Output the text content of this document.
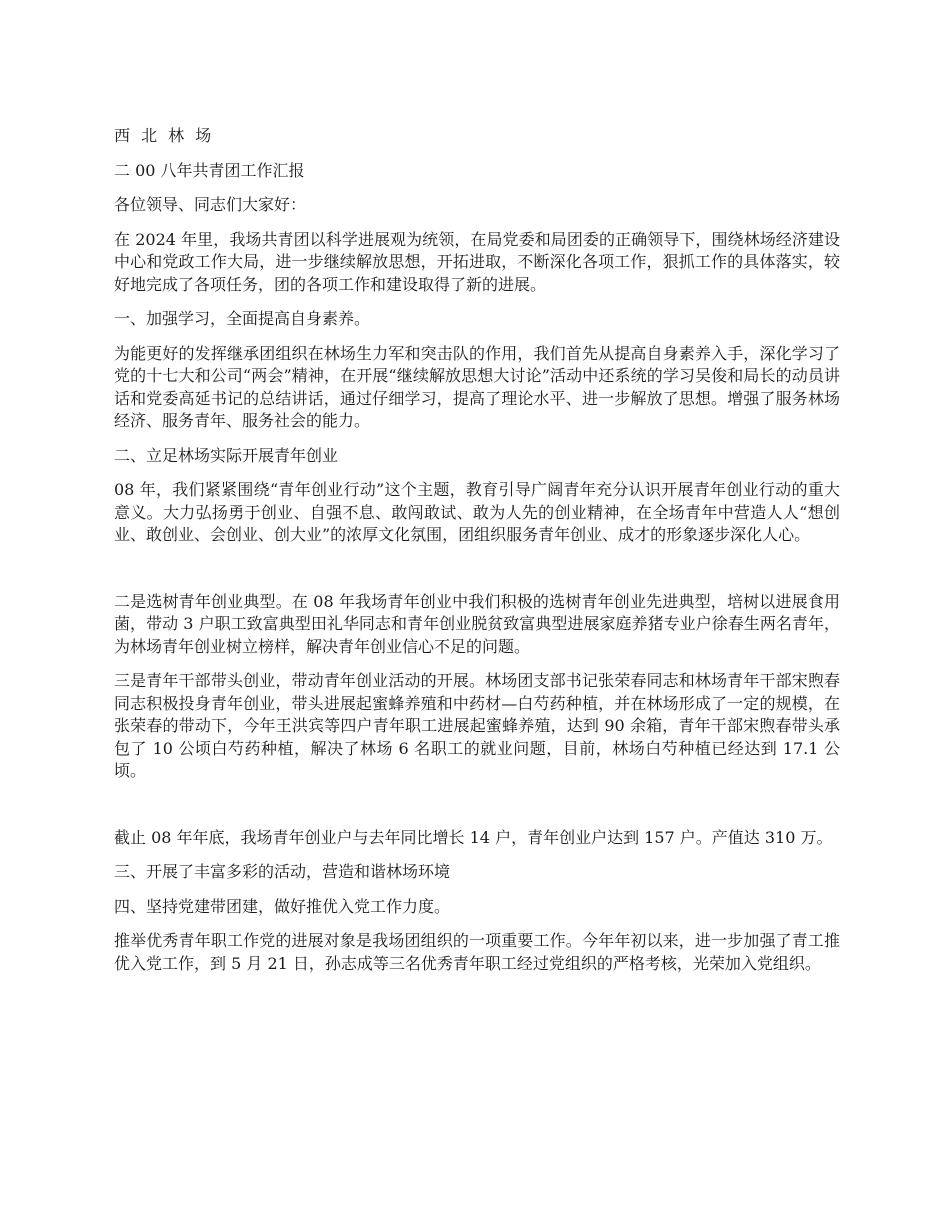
西 北 林 场

二 00 八年共青团工作汇报

各位领导、同志们大家好：

在 2024 年里，我场共青团以科学进展观为统领，在局党委和局团委的正确领导下，围绕林场经济建设中心和党政工作大局，进一步继续解放思想，开拓进取，不断深化各项工作，狠抓工作的具体落实，较好地完成了各项任务，团的各项工作和建设取得了新的进展。

一、加强学习，全面提高自身素养。

为能更好的发挥继承团组织在林场生力军和突击队的作用，我们首先从提高自身素养入手，深化学习了党的十七大和公司“两会”精神，在开展“继续解放思想大讨论”活动中还系统的学习吴俊和局长的动员讲话和党委高延书记的总结讲话，通过仔细学习，提高了理论水平、进一步解放了思想。增强了服务林场经济、服务青年、服务社会的能力。

二、立足林场实际开展青年创业

08 年，我们紧紧围绕“青年创业行动”这个主题，教育引导广阔青年充分认识开展青年创业行动的重大意义。大力弘扬勇于创业、自强不息、敢闯敢试、敢为人先的创业精神，在全场青年中营造人人“想创业、敢创业、会创业、创大业”的浓厚文化氛围，团组织服务青年创业、成才的形象逐步深化人心。

二是选树青年创业典型。在 08 年我场青年创业中我们积极的选树青年创业先进典型，培树以进展食用菌，带动 3 户职工致富典型田礼华同志和青年创业脱贫致富典型进展家庭养猪专业户徐春生两名青年，为林场青年创业树立榜样，解决青年创业信心不足的问题。

三是青年干部带头创业，带动青年创业活动的开展。林场团支部书记张荣春同志和林场青年干部宋煦春同志积极投身青年创业，带头进展起蜜蜂养殖和中药材—白芍药种植，并在林场形成了一定的规模，在张荣春的带动下，今年王洪宾等四户青年职工进展起蜜蜂养殖，达到 90 余箱，青年干部宋煦春带头承包了 10 公顷白芍药种植，解决了林场 6 名职工的就业问题，目前，林场白芍种植已经达到 17.1 公顷。

截止 08 年年底，我场青年创业户与去年同比增长 14 户，青年创业户达到 157 户。产值达 310 万。

三、开展了丰富多彩的活动，营造和谐林场环境

四、坚持党建带团建，做好推优入党工作力度。

推举优秀青年职工作党的进展对象是我场团组织的一项重要工作。今年年初以来，进一步加强了青工推优入党工作，到 5 月 21 日，孙志成等三名优秀青年职工经过党组织的严格考核，光荣加入党组织。
